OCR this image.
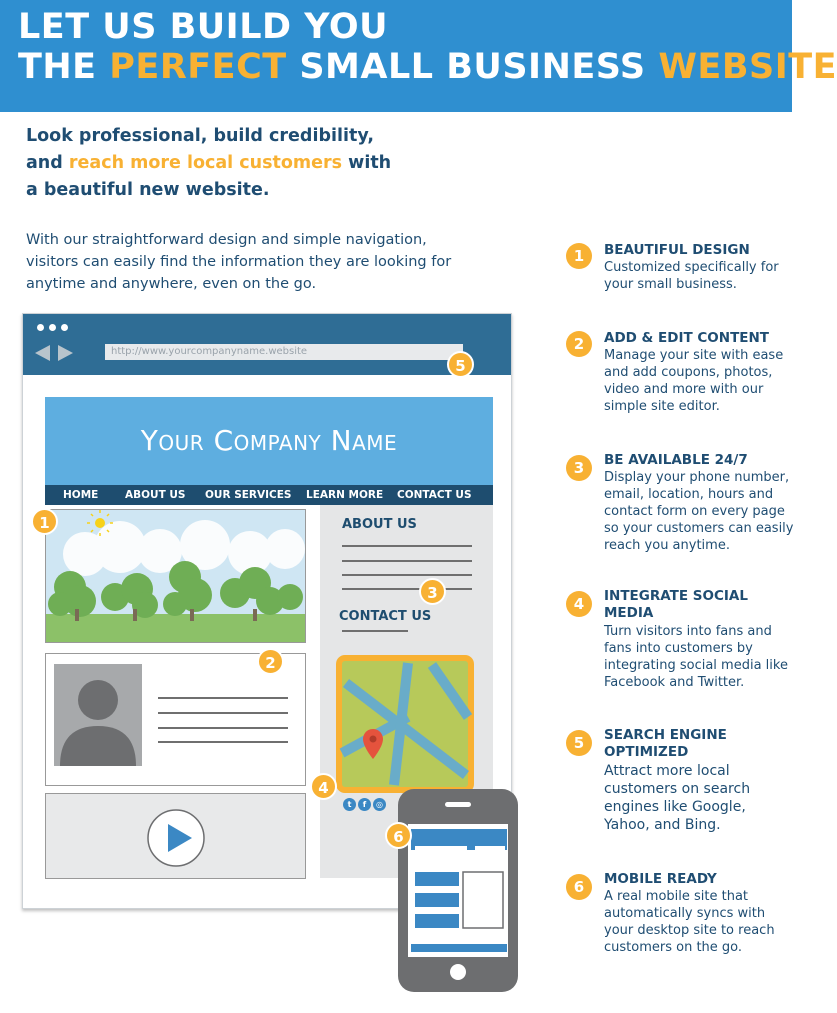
LET US BUILD YOU
THE PERFECT SMALL BUSINESS WEBSITE
Look professional, build credibility,
and reach more local customers with
a beautiful new website.
With our straightforward design and simple navigation,
visitors can easily find the information they are looking for
anytime and anywhere, even on the go.
http://www.yourcompanyname.website
Your Company Name
HOME	ABOUT US OUR SERVICES LEARN MORE CONTACT US
ABOUT US
CONTACT US
t	f	◎
5
1
3
2
4
6
1	BEAUTIFUL DESIGN
Customized specifically for
your small business.
2	ADD & EDIT CONTENT
Manage your site with ease
and add coupons, photos,
video and more with our
simple site editor.
3	BE AVAILABLE 24/7
Display your phone number,
email, location, hours and
contact form on every page
so your customers can easily
reach you anytime.
4	INTEGRATE SOCIAL
MEDIA
Turn visitors into fans and
fans into customers by
integrating social media like
Facebook and Twitter.
5	SEARCH ENGINE
OPTIMIZED
Attract more local
customers on search
engines like Google,
Yahoo, and Bing.
6	MOBILE READY
A real mobile site that
automatically syncs with
your desktop site to reach
customers on the go.
